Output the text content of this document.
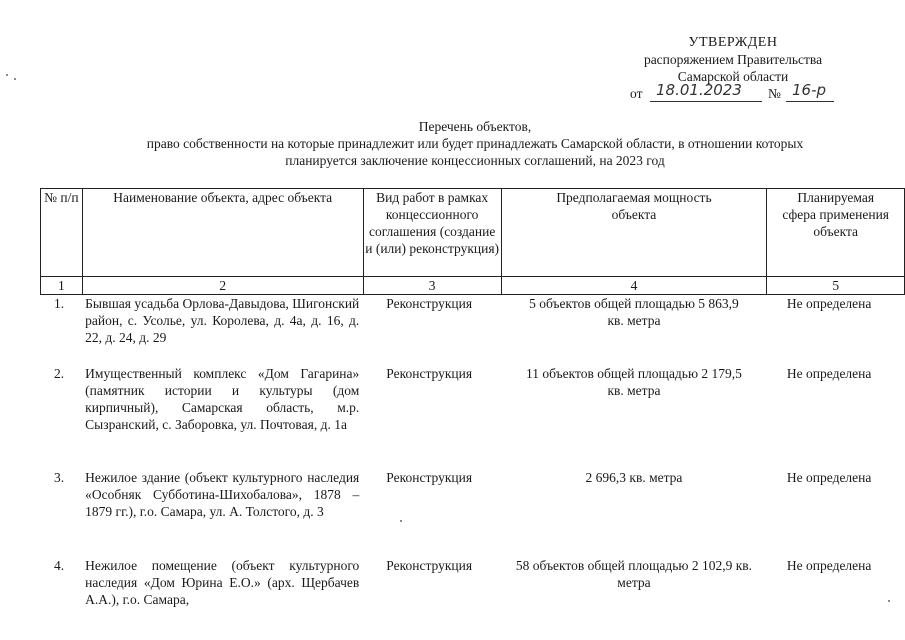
УТВЕРЖДЕН
распоряжением Правительства
Самарской области
от 18.01.2023 № 16-р
Перечень объектов,
право собственности на которые принадлежит или будет принадлежать Самарской области, в отношении которых
планируется заключение концессионных соглашений, на 2023 год
№ п/п	Наименование объекта, адрес объекта	Вид работ в рамках концессионного соглашения (создание и (или) реконструкция)	Предполагаемая мощность объекта	Планируемая сфера применения объекта
1	2	3	4	5
1.	Бывшая усадьба Орлова-Давыдова, Шигонский район, с. Усолье, ул. Королева, д. 4а, д. 16, д. 22, д. 24, д. 29	Реконструкция	5 объектов общей площадью 5 863,9 кв. метра	Не определена
2.	Имущественный комплекс «Дом Гагарина» (памятник истории и культуры (дом кирпичный), Самарская область, м.р. Сызранский, с. Заборовка, ул. Почтовая, д. 1а	Реконструкция	11 объектов общей площадью 2 179,5 кв. метра	Не определена
3.	Нежилое здание (объект культурного наследия «Особняк Субботина-Шихобалова», 1878 – 1879 гг.), г.о. Самара, ул. А. Толстого, д. 3	Реконструкция	2 696,3 кв. метра	Не определена
4.	Нежилое помещение (объект культурного наследия «Дом Юрина Е.О.» (арх. Щербачев А.А.), г.о. Самара,	Реконструкция	58 объектов общей площадью 2 102,9 кв. метра	Не определена
